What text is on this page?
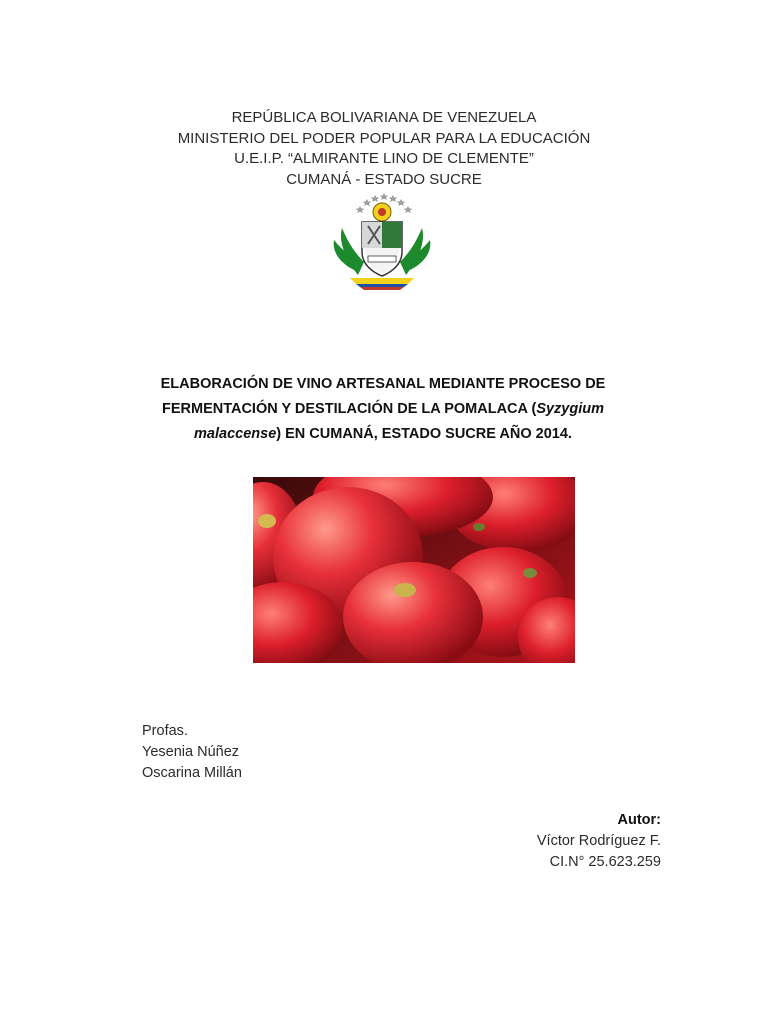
REPÚBLICA BOLIVARIANA DE VENEZUELA
MINISTERIO DEL PODER POPULAR PARA LA EDUCACIÓN
U.E.I.P. “ALMIRANTE LINO DE CLEMENTE”
CUMANÁ - ESTADO SUCRE
ELABORACIÓN DE VINO ARTESANAL MEDIANTE PROCESO DE FERMENTACIÓN Y DESTILACIÓN DE LA POMALACA (Syzygium malaccense) EN CUMANÁ, ESTADO SUCRE AÑO 2014.
Profas.
Yesenia Núñez
Oscarina Millán
Autor:
Víctor Rodríguez F.
CI.N° 25.623.259
